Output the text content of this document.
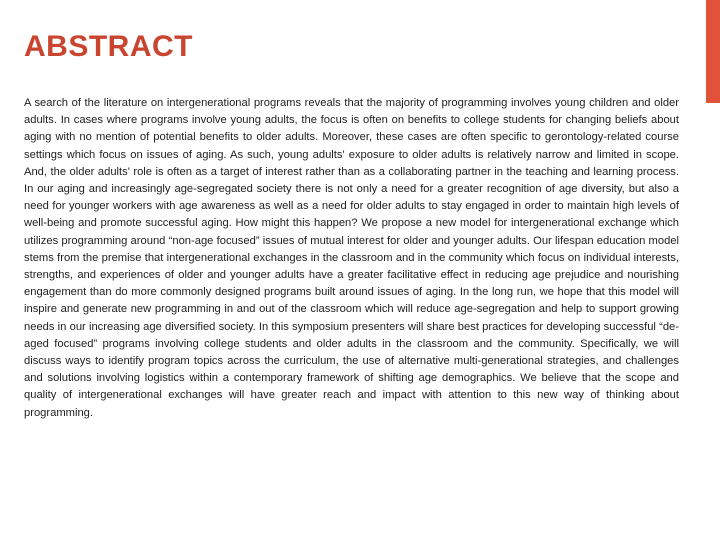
ABSTRACT

A search of the literature on intergenerational programs reveals that the majority of programming involves young children and older adults. In cases where programs involve young adults, the focus is often on benefits to college students for changing beliefs about aging with no mention of potential benefits to older adults. Moreover, these cases are often specific to gerontology-related course settings which focus on issues of aging. As such, young adults' exposure to older adults is relatively narrow and limited in scope. And, the older adults' role is often as a target of interest rather than as a collaborating partner in the teaching and learning process. In our aging and increasingly age-segregated society there is not only a need for a greater recognition of age diversity, but also a need for younger workers with age awareness as well as a need for older adults to stay engaged in order to maintain high levels of well-being and promote successful aging. How might this happen? We propose a new model for intergenerational exchange which utilizes programming around “non-age focused” issues of mutual interest for older and younger adults. Our lifespan education model stems from the premise that intergenerational exchanges in the classroom and in the community which focus on individual interests, strengths, and experiences of older and younger adults have a greater facilitative effect in reducing age prejudice and nourishing engagement than do more commonly designed programs built around issues of aging. In the long run, we hope that this model will inspire and generate new programming in and out of the classroom which will reduce age-segregation and help to support growing needs in our increasing age diversified society. In this symposium presenters will share best practices for developing successful “de-aged focused” programs involving college students and older adults in the classroom and the community. Specifically, we will discuss ways to identify program topics across the curriculum, the use of alternative multi-generational strategies, and challenges and solutions involving logistics within a contemporary framework of shifting age demographics. We believe that the scope and quality of intergenerational exchanges will have greater reach and impact with attention to this new way of thinking about programming.
